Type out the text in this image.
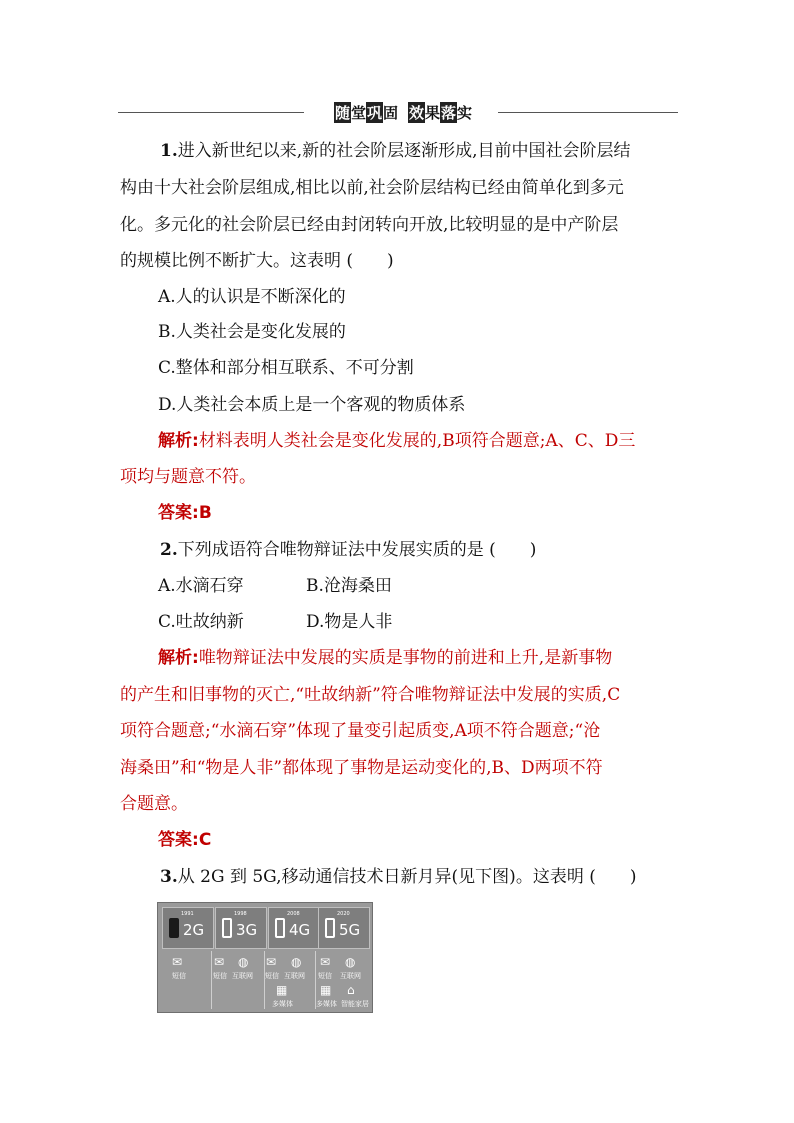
随堂巩固 效果落实
1.进入新世纪以来,新的社会阶层逐渐形成,目前中国社会阶层结
构由十大社会阶层组成,相比以前,社会阶层结构已经由简单化到多元
化。多元化的社会阶层已经由封闭转向开放,比较明显的是中产阶层
的规模比例不断扩大。这表明 (　　)
A.人的认识是不断深化的
B.人类社会是变化发展的
C.整体和部分相互联系、不可分割
D.人类社会本质上是一个客观的物质体系
解析:材料表明人类社会是变化发展的,B项符合题意;A、C、D三
项均与题意不符。
答案:B
2.下列成语符合唯物辩证法中发展实质的是 (　　)
A.水滴石穿	B.沧海桑田
C.吐故纳新	D.物是人非
解析:唯物辩证法中发展的实质是事物的前进和上升,是新事物
的产生和旧事物的灭亡,“吐故纳新”符合唯物辩证法中发展的实质,C
项符合题意;“水滴石穿”体现了量变引起质变,A项不符合题意;“沧
海桑田”和“物是人非”都体现了事物是运动变化的,B、D两项不符
合题意。
答案:C
3.从 2G 到 5G,移动通信技术日新月异(见下图)。这表明 (　　)
1991
2G
1998
3G
2008
4G
2020
5G
✉
短信
✉ ◍
短信 互联网
✉ ◍
短信 互联网
▦
多媒体
✉ ◍
短信 互联网
▦ ⌂
多媒体 智能家居
